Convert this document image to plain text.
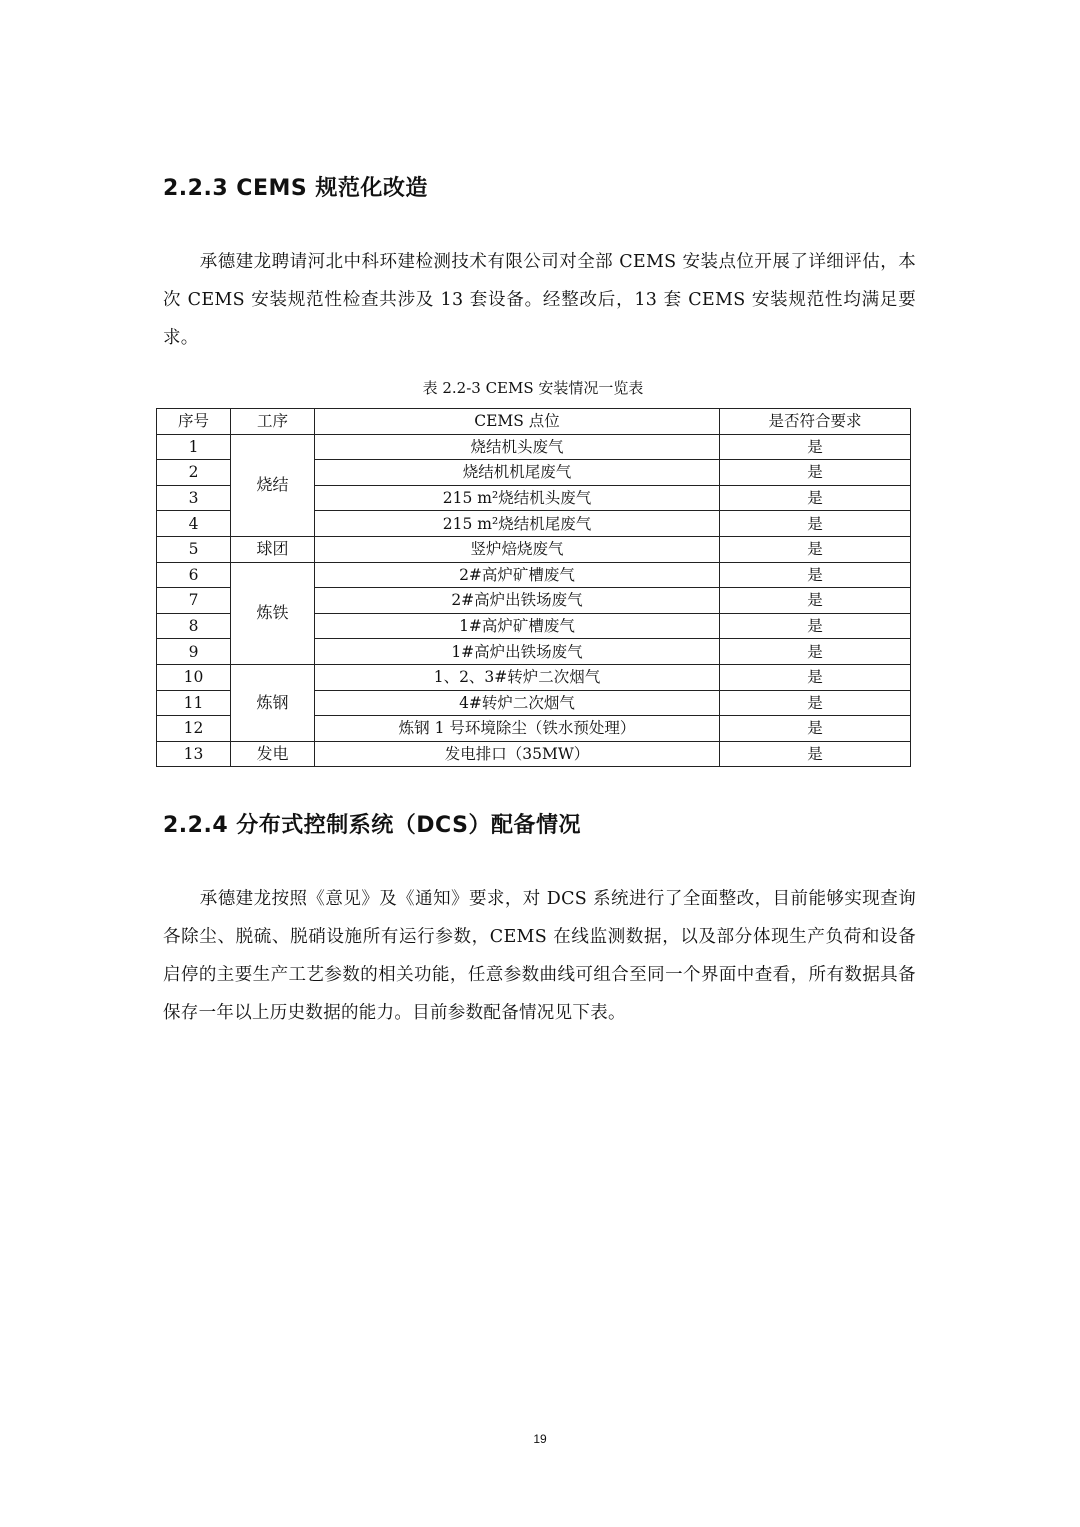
2.2.3 CEMS 规范化改造

承德建龙聘请河北中科环建检测技术有限公司对全部 CEMS 安装点位开展了详细评估，本次 CEMS 安装规范性检查共涉及 13 套设备。经整改后，13 套 CEMS 安装规范性均满足要求。

表 2.2-3 CEMS 安装情况一览表
序号	工序	CEMS 点位	是否符合要求
1	烧结	烧结机头废气	是
2		烧结机机尾废气	是
3		215 m²烧结机头废气	是
4		215 m²烧结机尾废气	是
5	球团	竖炉焙烧废气	是
6	炼铁	2#高炉矿槽废气	是
7		2#高炉出铁场废气	是
8		1#高炉矿槽废气	是
9		1#高炉出铁场废气	是
10	炼钢	1、2、3#转炉二次烟气	是
11		4#转炉二次烟气	是
12		炼钢 1 号环境除尘（铁水预处理）	是
13	发电	发电排口（35MW）	是
2.2.4 分布式控制系统（DCS）配备情况

承德建龙按照《意见》及《通知》要求，对 DCS 系统进行了全面整改，目前能够实现查询各除尘、脱硫、脱硝设施所有运行参数，CEMS 在线监测数据，以及部分体现生产负荷和设备启停的主要生产工艺参数的相关功能，任意参数曲线可组合至同一个界面中查看，所有数据具备保存一年以上历史数据的能力。目前参数配备情况见下表。

19
